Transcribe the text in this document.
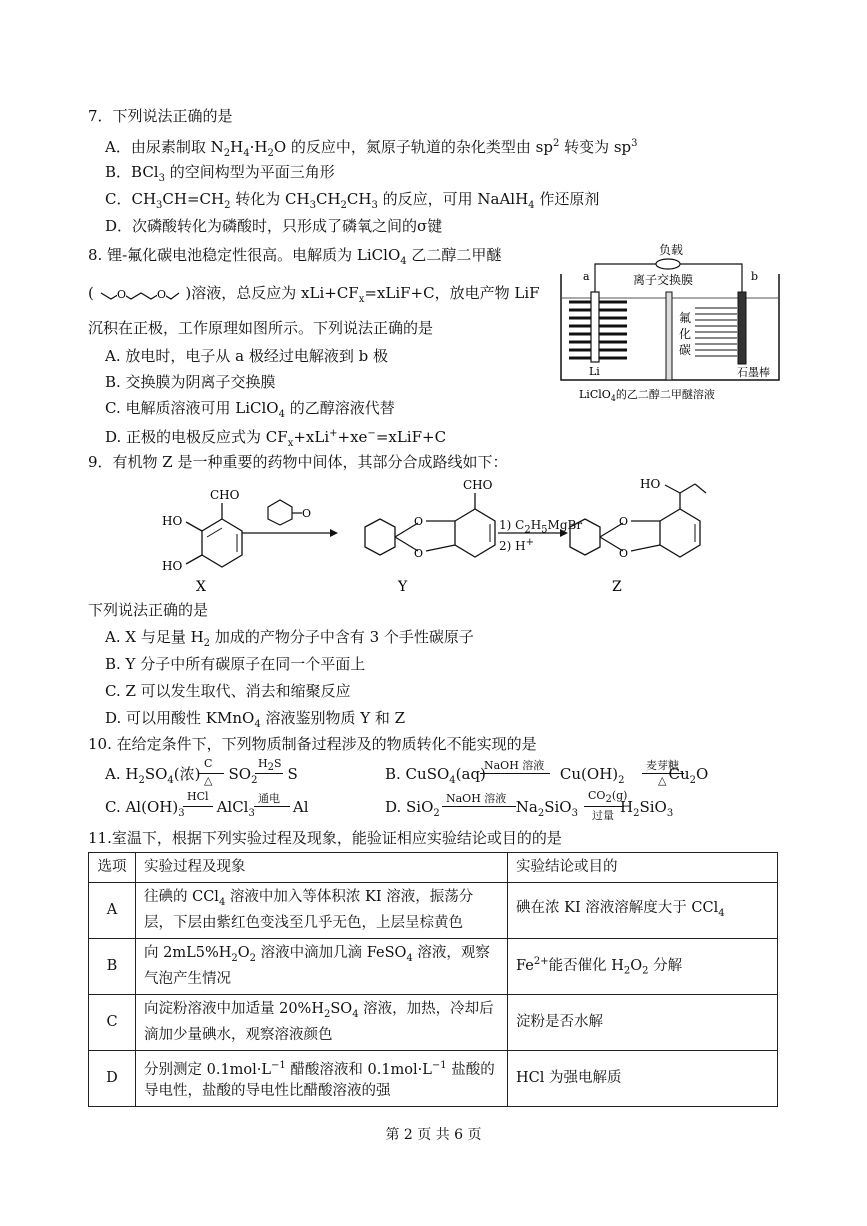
7．下列说法正确的是
A．由尿素制取 $N_2H_4\cdot H_2O$ 的反应中，氮原子轨道的杂化类型由 $sp^2$ 转变为 $sp^3$
B．BCl$_3$ 的空间构型为平面三角形
C．$CH_3CH=CH_2$ 转化为 $CH_3CH_2CH_3$ 的反应，可用 NaAlH$_4$ 作还原剂
D．次磷酸转化为磷酸时，只形成了磷氧之间的σ键
8. 锂-氟化碳电池稳定性很高。电解质为 LiClO$_4$ 乙二醇二甲醚
( O	O )溶液，总反应为 $xLi+CF_x=xLiF+C$，放电产物 LiF
沉积在正极，工作原理如图所示。下列说法正确的是
A. 放电时，电子从 a 极经过电解液到 b 极
B. 交换膜为阴离子交换膜
C. 电解质溶液可用 LiClO$_4$ 的乙醇溶液代替
D. 正极的电极反应式为 $CF_x+xLi^++xe^-=xLiF+C$
负载
a	b
离子交换膜
Li
氟
化
碳
石墨棒
LiClO$_4$的乙二醇二甲醚溶液
9．有机物 Z 是一种重要的药物中间体，其部分合成路线如下：
CHO
HO
HO
X
O
O
O
CHO
Y
O
O
HO
Z
1) $C_2H_5MgBr$
2) H+
下列说法正确的是
A. X 与足量 $H_2$ 加成的产物分子中含有 3 个手性碳原子
B. Y 分子中所有碳原子在同一个平面上
C. Z 可以发生取代、消去和缩聚反应
D. 可以用酸性 KMnO$_4$ 溶液鉴别物质 Y 和 Z
10. 在给定条件下，下列物质制备过程涉及的物质转化不能实现的是
A. $H_2SO_4$(浓) $SO_2$ S
C
△
$H_2S$
B. CuSO$_4$(aq)	$Cu(OH)_2$	$Cu_2O$
NaOH 溶液	麦芽糖
△
C. $Al(OH)_3$ AlCl$_3$	Al
HCl	通电	D. SiO$_2$	$Na_2SiO_3$	$H_2SiO_3$
NaOH 溶液	$CO_2(g)$
过量
11.室温下，根据下列实验过程及现象，能验证相应实验结论或目的的是
选项	实验过程及现象	实验结论或目的
A	往碘的 CCl$_4$ 溶液中加入等体积浓 KI 溶液，振荡分层，下层由紫红色变浅至几乎无色，上层呈棕黄色	碘在浓 KI 溶液溶解度大于 CCl$_4$
B	向 $2mL5\%H_2O_2$ 溶液中滴加几滴 FeSO$_4$ 溶液，观察气泡产生情况	$Fe^{2+}$能否催化 $H_2O_2$ 分解
C	向淀粉溶液中加适量 $20\%H_2SO_4$ 溶液，加热，冷却后滴加少量碘水，观察溶液颜色	淀粉是否水解
D	分别测定 $0.1mol\cdot L^{-1}$ 醋酸溶液和 $0.1mol\cdot L^{-1}$ 盐酸的导电性，盐酸的导电性比醋酸溶液的强	HCl 为强电解质
第 2 页 共 6 页
